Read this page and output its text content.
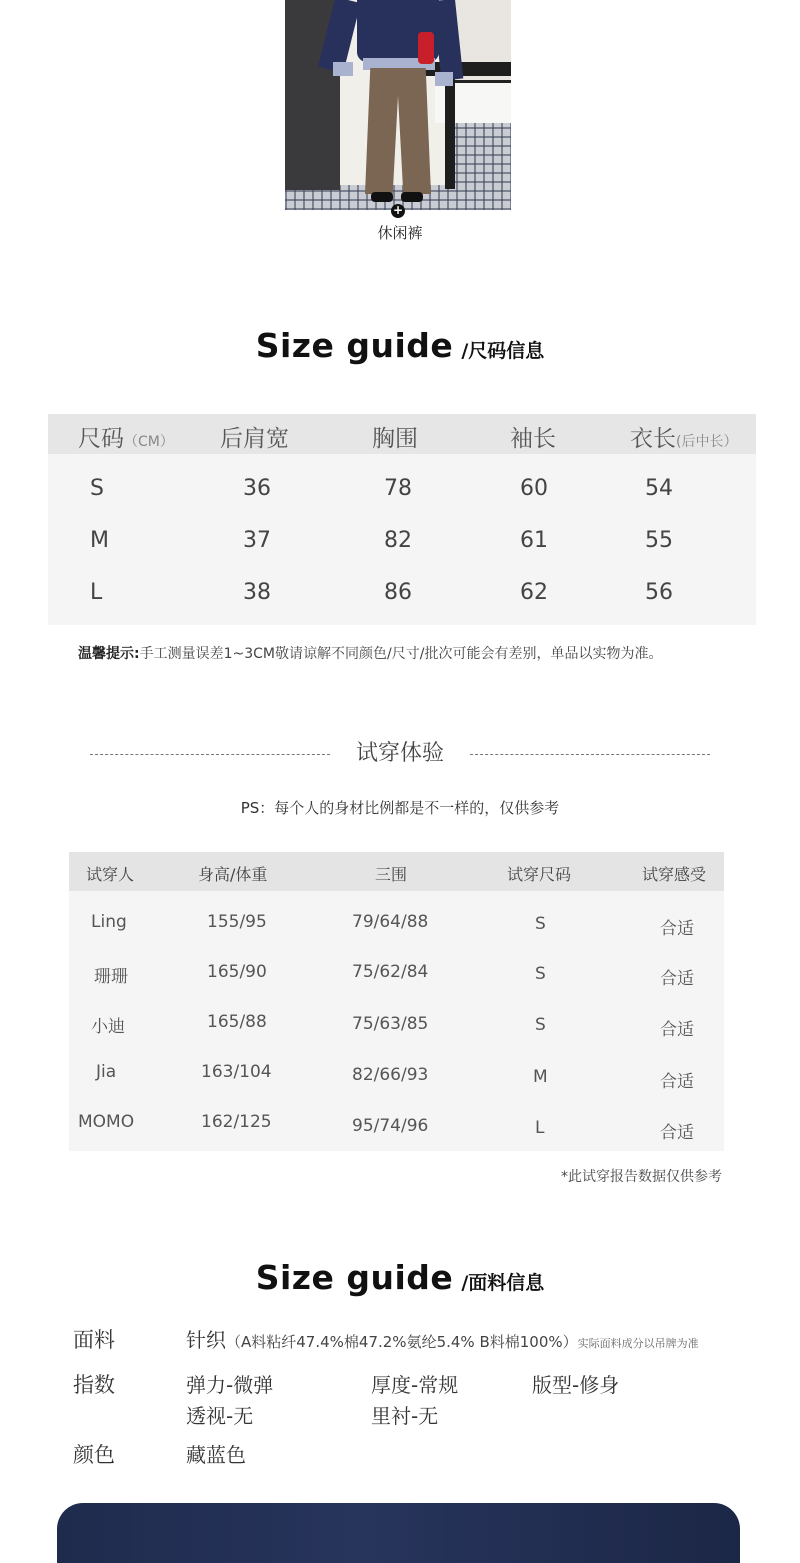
+
休闲裤
Size guide /尺码信息
尺码（CM） 后肩宽	胸围	袖长	衣长(后中长）
S	36	78	60	54
M	37	82	61	55
L	38	86	62	56
温馨提示:手工测量误差1~3CM敬请谅解不同颜色/尺寸/批次可能会有差别，单品以实物为准。
试穿体验
PS：每个人的身材比例都是不一样的，仅供参考
试穿人	身高/体重	三围	试穿尺码	试穿感受
Ling	155/95	79/64/88	S	合适
珊珊	165/90	75/62/84	S	合适
小迪	165/88	75/63/85	S	合适
Jia	163/104	82/66/93	M	合适
MOMO	162/125	95/74/96	L	合适
*此试穿报告数据仅供参考
Size guide /面料信息
面料	针织（A料粘纤47.4%棉47.2%氨纶5.4% B料棉100%）实际面料成分以吊牌为准
指数	弹力-微弹	厚度-常规	版型-修身
透视-无	里衬-无
颜色	藏蓝色
